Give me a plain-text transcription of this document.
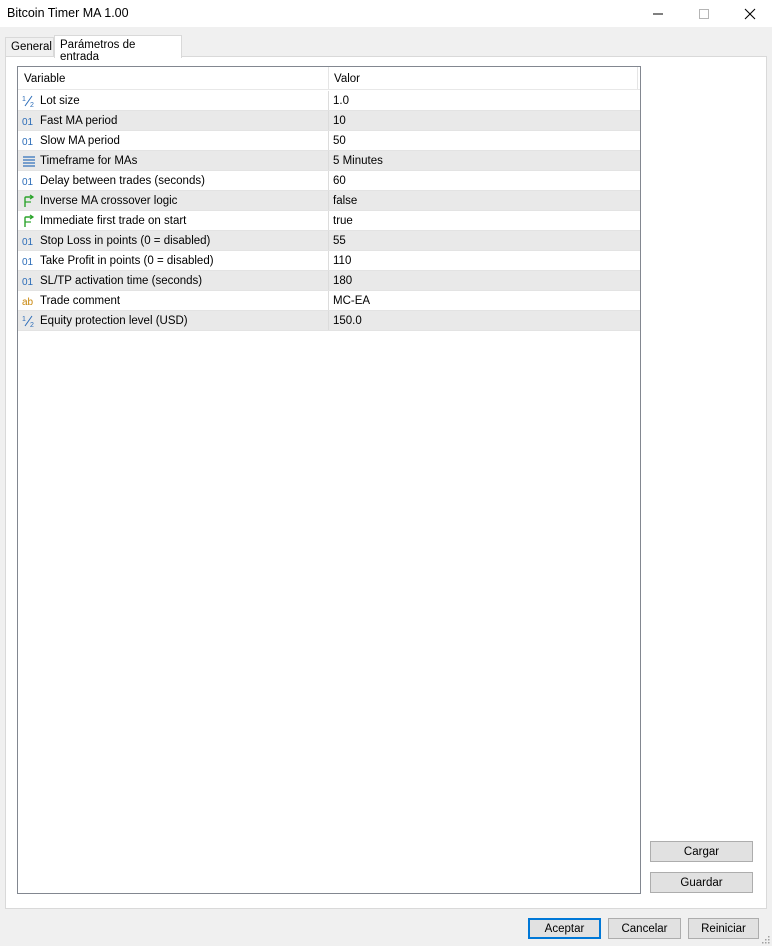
Bitcoin Timer MA 1.00
General Parámetros de entrada
Variable	Valor
1
2 Lot size	1.0
01 Fast MA period	10
01 Slow MA period	50
Timeframe for MAs	5 Minutes
01 Delay between trades (seconds)	60
Inverse MA crossover logic	false
Immediate first trade on start	true
01 Stop Loss in points (0 = disabled)	55
01 Take Profit in points (0 = disabled)	110
01 SL/TP activation time (seconds)	180
ab Trade comment	MC-EA
1
2 Equity protection level (USD)	150.0
Cargar
Guardar
Aceptar	Cancelar	Reiniciar
